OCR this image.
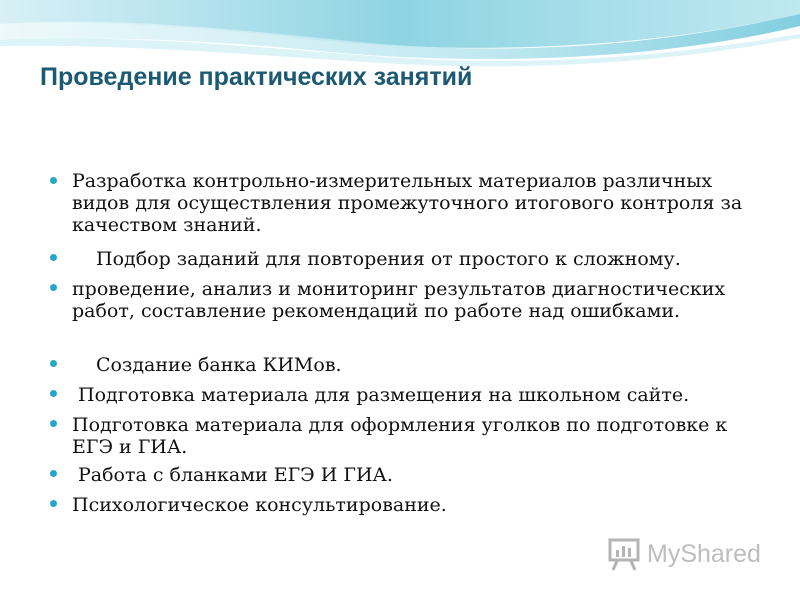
Проведение практических занятий
Разработка контрольно-измерительных материалов различных видов для осуществления промежуточного итогового контроля за качеством знаний.
Подбор заданий для повторения от простого к сложному.
проведение, анализ и мониторинг результатов диагностических работ, составление рекомендаций по работе над ошибками.
Создание банка КИМов.
Подготовка материала для размещения на школьном сайте.
Подготовка материала для оформления уголков по подготовке к ЕГЭ и ГИА.
Работа с бланками ЕГЭ И ГИА.
Психологическое консультирование.
MyShared
